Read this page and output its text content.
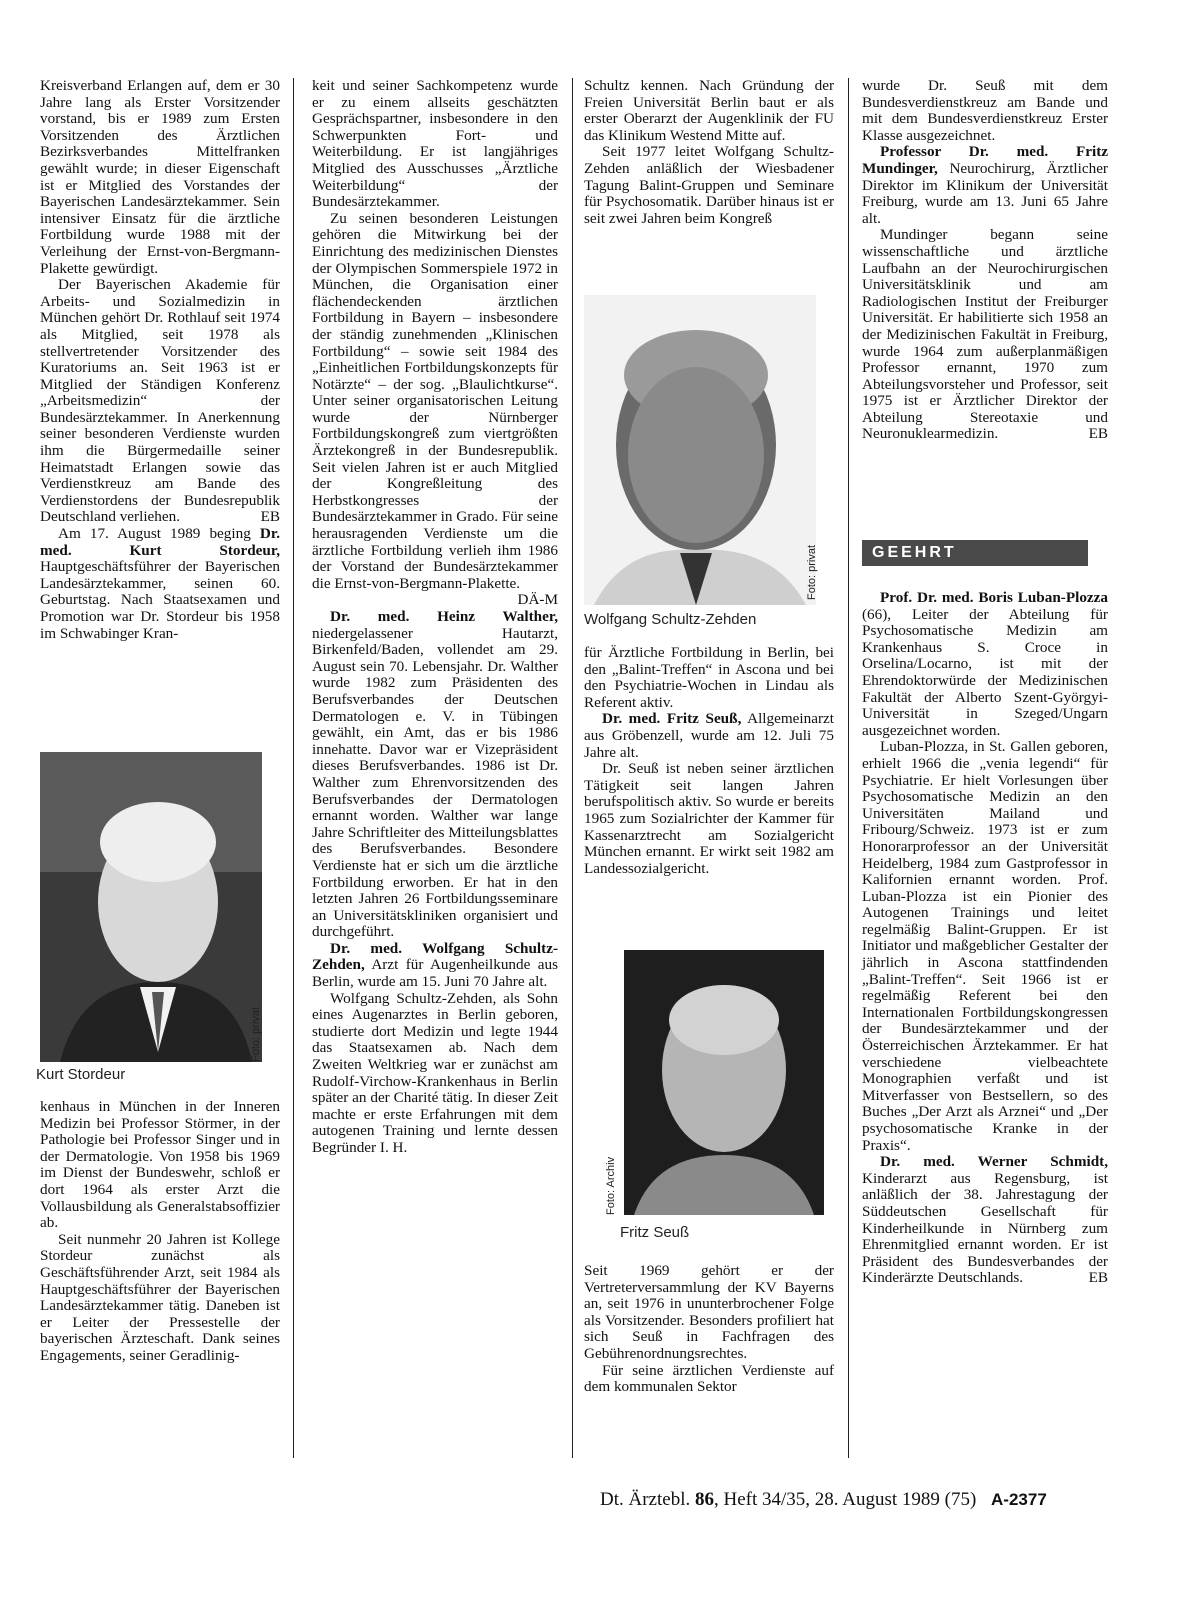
Kreisverband Erlangen auf, dem er 30 Jahre lang als Erster Vorsitzender vorstand, bis er 1989 zum Ersten Vorsitzenden des Ärztlichen Bezirksverbandes Mittelfranken gewählt wurde; in dieser Eigenschaft ist er Mitglied des Vorstandes der Bayerischen Landesärztekammer. Sein intensiver Einsatz für die ärztliche Fortbildung wurde 1988 mit der Verleihung der Ernst-von-Bergmann-Plakette gewürdigt.

Der Bayerischen Akademie für Arbeits- und Sozialmedizin in München gehört Dr. Rothlauf seit 1974 als Mitglied, seit 1978 als stellvertretender Vorsitzender des Kuratoriums an. Seit 1963 ist er Mitglied der Ständigen Konferenz „Arbeitsmedizin“ der Bundesärztekammer. In Anerkennung seiner besonderen Verdienste wurden ihm die Bürgermedaille seiner Heimatstadt Erlangen sowie das Verdienstkreuz am Bande des Verdienstordens der Bundesrepublik Deutschland verliehen.	EB

Am 17. August 1989 beging Dr. med. Kurt Stordeur, Hauptgeschäftsführer der Bayerischen Landesärztekammer, seinen 60. Geburtstag. Nach Staatsexamen und Promotion war Dr. Stordeur bis 1958 im Schwabinger Kran-

Foto: privat
Kurt Stordeur

kenhaus in München in der Inneren Medizin bei Professor Störmer, in der Pathologie bei Professor Singer und in der Dermatologie. Von 1958 bis 1969 im Dienst der Bundeswehr, schloß er dort 1964 als erster Arzt die Vollausbildung als Generalstabsoffizier ab.

Seit nunmehr 20 Jahren ist Kollege Stordeur zunächst als Geschäftsführender Arzt, seit 1984 als Hauptgeschäftsführer der Bayerischen Landesärztekammer tätig. Daneben ist er Leiter der Pressestelle der bayerischen Ärzteschaft. Dank seines Engagements, seiner Geradlinig-

keit und seiner Sachkompetenz wurde er zu einem allseits geschätzten Gesprächspartner, insbesondere in den Schwerpunkten Fort- und Weiterbildung. Er ist langjähriges Mitglied des Ausschusses „Ärztliche Weiterbildung“ der Bundesärztekammer.

Zu seinen besonderen Leistungen gehören die Mitwirkung bei der Einrichtung des medizinischen Dienstes der Olympischen Sommerspiele 1972 in München, die Organisation einer flächendeckenden ärztlichen Fortbildung in Bayern – insbesondere der ständig zunehmenden „Klinischen Fortbildung“ – sowie seit 1984 des „Einheitlichen Fortbildungskonzepts für Notärzte“ – der sog. „Blaulichtkurse“. Unter seiner organisatorischen Leitung wurde der Nürnberger Fortbildungskongreß zum viertgrößten Ärztekongreß in der Bundesrepublik. Seit vielen Jahren ist er auch Mitglied der Kongreßleitung des Herbstkongresses der Bundesärztekammer in Grado. Für seine herausragenden Verdienste um die ärztliche Fortbildung verlieh ihm 1986 der Vorstand der Bundesärztekammer die Ernst-von-Bergmann-Plakette.
DÄ-M

Dr. med. Heinz Walther, niedergelassener Hautarzt, Birkenfeld/Baden, vollendet am 29. August sein 70. Lebensjahr. Dr. Walther wurde 1982 zum Präsidenten des Berufsverbandes der Deutschen Dermatologen e. V. in Tübingen gewählt, ein Amt, das er bis 1986 innehatte. Davor war er Vizepräsident dieses Berufsverbandes. 1986 ist Dr. Walther zum Ehrenvorsitzenden des Berufsverbandes der Dermatologen ernannt worden. Walther war lange Jahre Schriftleiter des Mitteilungsblattes des Berufsverbandes. Besondere Verdienste hat er sich um die ärztliche Fortbildung erworben. Er hat in den letzten Jahren 26 Fortbildungsseminare an Universitätskliniken organisiert und durchgeführt.

Dr. med. Wolfgang Schultz-Zehden, Arzt für Augenheilkunde aus Berlin, wurde am 15. Juni 70 Jahre alt.

Wolfgang Schultz-Zehden, als Sohn eines Augenarztes in Berlin geboren, studierte dort Medizin und legte 1944 das Staatsexamen ab. Nach dem Zweiten Weltkrieg war er zunächst am Rudolf-Virchow-Krankenhaus in Berlin später an der Charité tätig. In dieser Zeit machte er erste Erfahrungen mit dem autogenen Training und lernte dessen Begründer I. H.

Schultz kennen. Nach Gründung der Freien Universität Berlin baut er als erster Oberarzt der Augenklinik der FU das Klinikum Westend Mitte auf.

Seit 1977 leitet Wolfgang Schultz-Zehden anläßlich der Wiesbadener Tagung Balint-Gruppen und Seminare für Psychosomatik. Darüber hinaus ist er seit zwei Jahren beim Kongreß

Foto: privat
Wolfgang Schultz-Zehden

für Ärztliche Fortbildung in Berlin, bei den „Balint-Treffen“ in Ascona und bei den Psychiatrie-Wochen in Lindau als Referent aktiv.

Dr. med. Fritz Seuß, Allgemeinarzt aus Gröbenzell, wurde am 12. Juli 75 Jahre alt.

Dr. Seuß ist neben seiner ärztlichen Tätigkeit seit langen Jahren berufspolitisch aktiv. So wurde er bereits 1965 zum Sozialrichter der Kammer für Kassenarztrecht am Sozialgericht München ernannt. Er wirkt seit 1982 am Landessozialgericht.

Foto: Archiv
Fritz Seuß

Seit 1969 gehört er der Vertreterversammlung der KV Bayerns an, seit 1976 in ununterbrochener Folge als Vorsitzender. Besonders profiliert hat sich Seuß in Fachfragen des Gebührenordnungsrechtes.

Für seine ärztlichen Verdienste auf dem kommunalen Sektor

wurde Dr. Seuß mit dem Bundesverdienstkreuz am Bande und mit dem Bundesverdienstkreuz Erster Klasse ausgezeichnet.

Professor Dr. med. Fritz Mundinger, Neurochirurg, Ärztlicher Direktor im Klinikum der Universität Freiburg, wurde am 13. Juni 65 Jahre alt.

Mundinger begann seine wissenschaftliche und ärztliche Laufbahn an der Neurochirurgischen Universitätsklinik und am Radiologischen Institut der Freiburger Universität. Er habilitierte sich 1958 an der Medizinischen Fakultät in Freiburg, wurde 1964 zum außerplanmäßigen Professor ernannt, 1970 zum Abteilungsvorsteher und Professor, seit 1975 ist er Ärztlicher Direktor der Abteilung Stereotaxie und Neuronuklearmedizin.	EB

GEEHRT

Prof. Dr. med. Boris Luban-Plozza (66), Leiter der Abteilung für Psychosomatische Medizin am Krankenhaus S. Croce in Orselina/Locarno, ist mit der Ehrendoktorwürde der Medizinischen Fakultät der Alberto Szent-Györgyi-Universität in Szeged/Ungarn ausgezeichnet worden.

Luban-Plozza, in St. Gallen geboren, erhielt 1966 die „venia legendi“ für Psychiatrie. Er hielt Vorlesungen über Psychosomatische Medizin an den Universitäten Mailand und Fribourg/Schweiz. 1973 ist er zum Honorarprofessor an der Universität Heidelberg, 1984 zum Gastprofessor in Kalifornien ernannt worden. Prof. Luban-Plozza ist ein Pionier des Autogenen Trainings und leitet regelmäßig Balint-Gruppen. Er ist Initiator und maßgeblicher Gestalter der jährlich in Ascona stattfindenden „Balint-Treffen“. Seit 1966 ist er regelmäßig Referent bei den Internationalen Fortbildungskongressen der Bundesärztekammer und der Österreichischen Ärztekammer. Er hat verschiedene vielbeachtete Monographien verfaßt und ist Mitverfasser von Bestsellern, so des Buches „Der Arzt als Arznei“ und „Der psychosomatische Kranke in der Praxis“.

Dr. med. Werner Schmidt, Kinderarzt aus Regensburg, ist anläßlich der 38. Jahrestagung der Süddeutschen Gesellschaft für Kinderheilkunde in Nürnberg zum Ehrenmitglied ernannt worden. Er ist Präsident des Bundesverbandes der Kinderärzte Deutschlands.	EB

Dt. Ärztebl. 86, Heft 34/35, 28. August 1989 (75) A-2377
